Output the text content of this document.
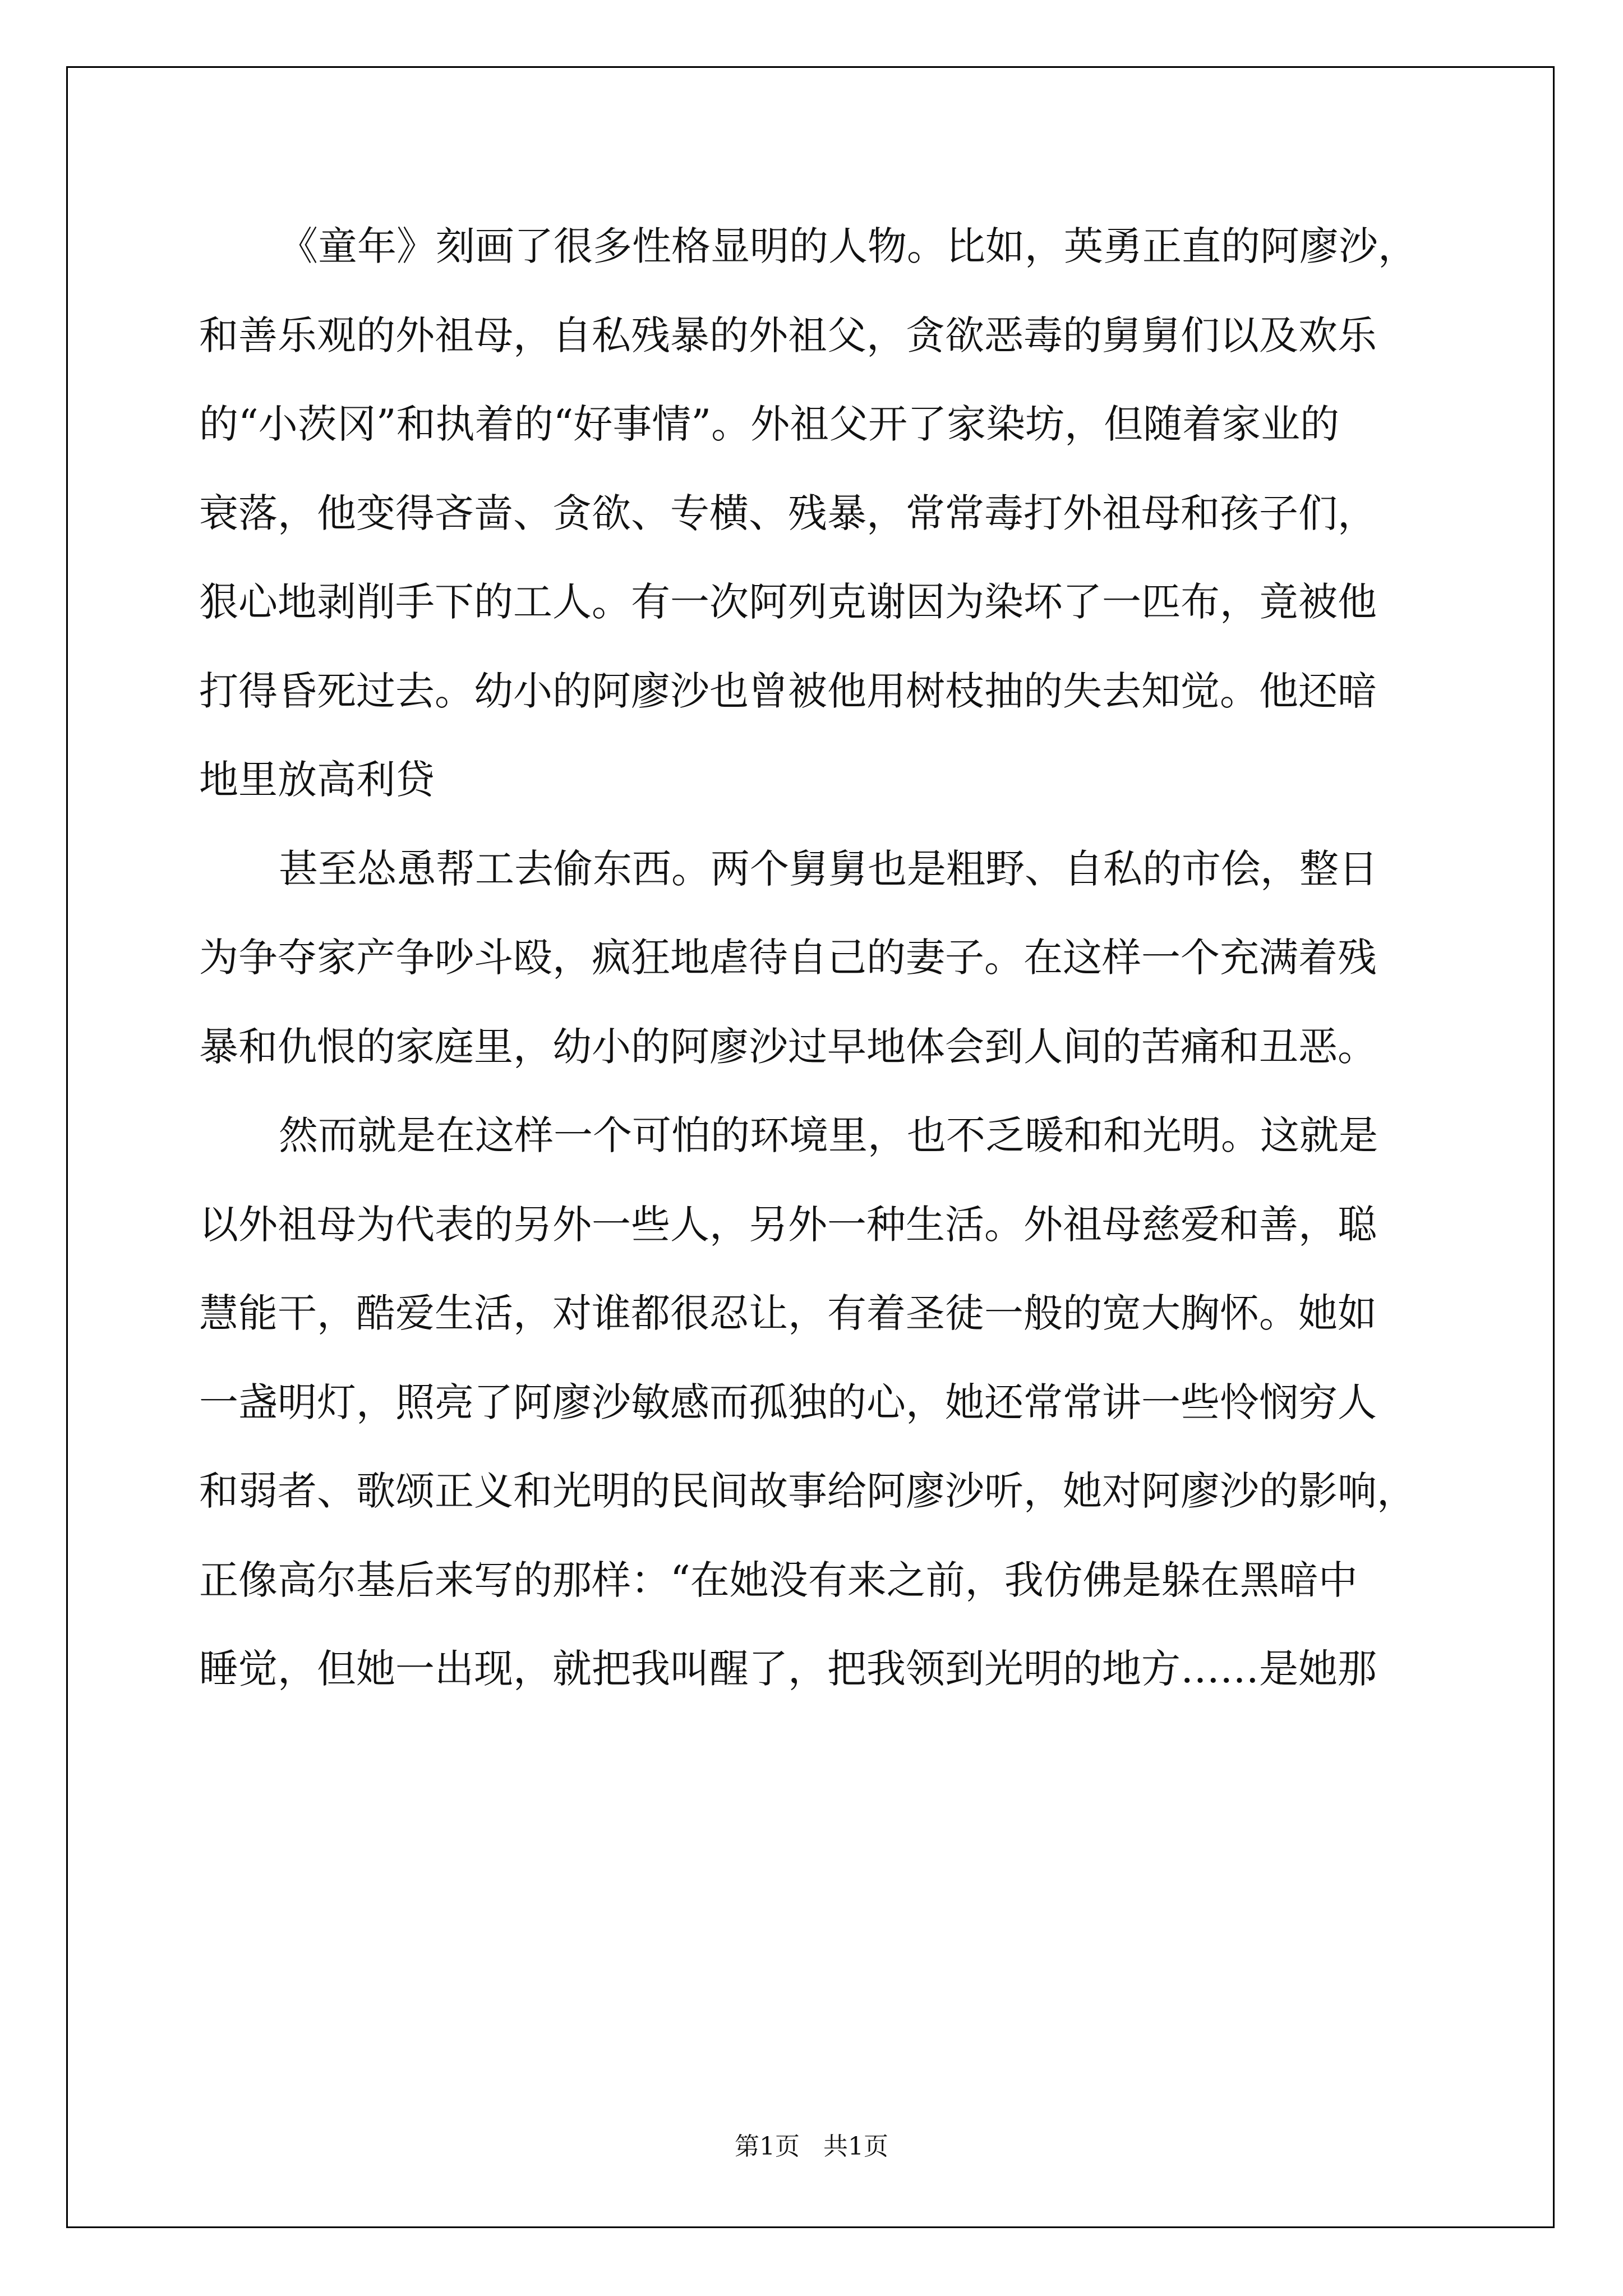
《童年》刻画了很多性格显明的人物。比如，英勇正直的阿廖沙，
和善乐观的外祖母，自私残暴的外祖父，贪欲恶毒的舅舅们以及欢乐
的“小茨冈”和执着的“好事情”。外祖父开了家染坊，但随着家业的
衰落，他变得吝啬、贪欲、专横、残暴，常常毒打外祖母和孩子们，
狠心地剥削手下的工人。有一次阿列克谢因为染坏了一匹布，竟被他
打得昏死过去。幼小的阿廖沙也曾被他用树枝抽的失去知觉。他还暗
地里放高利贷
甚至怂恿帮工去偷东西。两个舅舅也是粗野、自私的市侩，整日
为争夺家产争吵斗殴，疯狂地虐待自己的妻子。在这样一个充满着残
暴和仇恨的家庭里，幼小的阿廖沙过早地体会到人间的苦痛和丑恶。
然而就是在这样一个可怕的环境里，也不乏暖和和光明。这就是
以外祖母为代表的另外一些人，另外一种生活。外祖母慈爱和善，聪
慧能干，酷爱生活，对谁都很忍让，有着圣徒一般的宽大胸怀。她如
一盏明灯，照亮了阿廖沙敏感而孤独的心，她还常常讲一些怜悯穷人
和弱者、歌颂正义和光明的民间故事给阿廖沙听，她对阿廖沙的影响，
正像高尔基后来写的那样：“在她没有来之前，我仿佛是躲在黑暗中
睡觉，但她一出现，就把我叫醒了，把我领到光明的地方……是她那
第1页   共1页
